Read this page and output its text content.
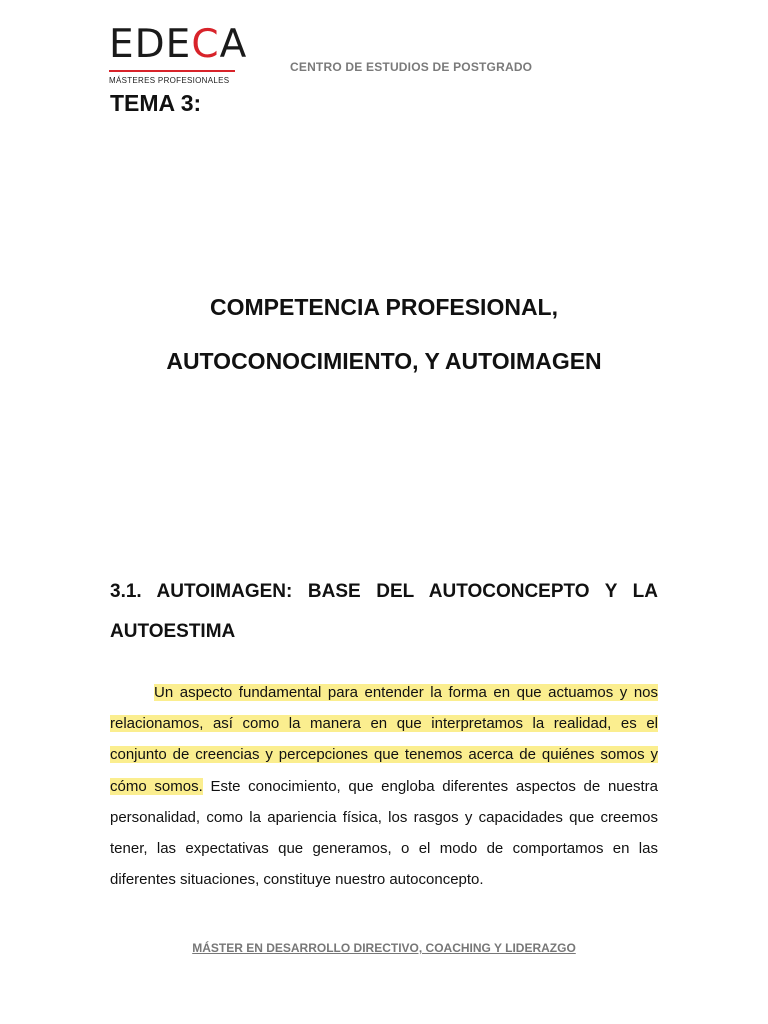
EDECA
MÁSTERES PROFESIONALES
CENTRO DE ESTUDIOS DE POSTGRADO
TEMA 3:
COMPETENCIA PROFESIONAL,
AUTOCONOCIMIENTO, Y AUTOIMAGEN
3.1. AUTOIMAGEN: BASE DEL AUTOCONCEPTO Y LA AUTOESTIMA
Un aspecto fundamental para entender la forma en que actuamos y nos relacionamos, así como la manera en que interpretamos la realidad, es el conjunto de creencias y percepciones que tenemos acerca de quiénes somos y cómo somos. Este conocimiento, que engloba diferentes aspectos de nuestra personalidad, como la apariencia física, los rasgos y capacidades que creemos tener, las expectativas que generamos, o el modo de comportamos en las diferentes situaciones, constituye nuestro autoconcepto.
MÁSTER EN DESARROLLO DIRECTIVO, COACHING Y LIDERAZGO
